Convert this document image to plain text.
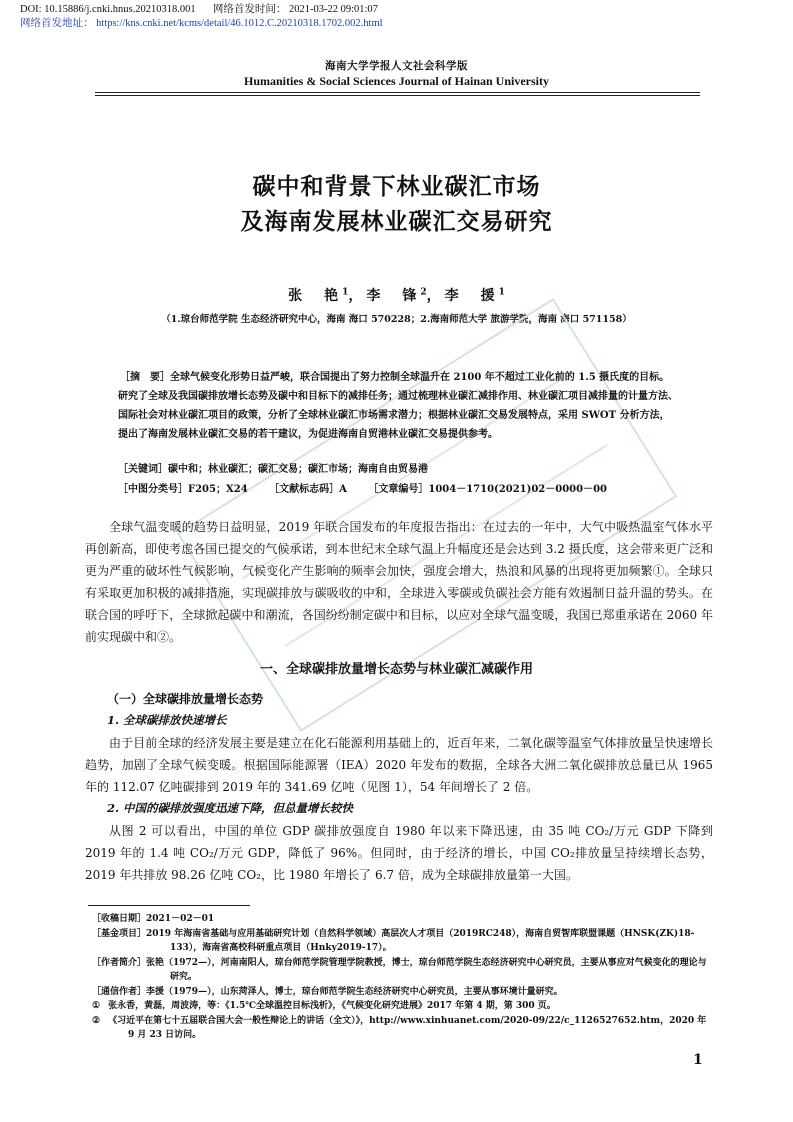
DOI: 10.15886/j.cnki.hnus.20210318.001 网络首发时间： 2021-03-22 09:01:07
网络首发地址： https://kns.cnki.net/kcms/detail/46.1012.C.20210318.1702.002.html
海南大学学报人文社会科学版
Humanities & Social Sciences Journal of Hainan University
碳中和背景下林业碳汇市场
及海南发展林业碳汇交易研究
张　艳$^1$，李　锋$^2$，李　援$^1$
（1.琼台师范学院 生态经济研究中心，海南 海口 570228；2.海南师范大学 旅游学院，海南 海口 571158）
［摘　要］全球气候变化形势日益严峻，联合国提出了努力控制全球温升在 2100 年不超过工业化前的 1.5 摄氏度的目标。研究了全球及我国碳排放增长态势及碳中和目标下的减排任务；通过梳理林业碳汇减排作用、林业碳汇项目减排量的计量方法、国际社会对林业碳汇项目的政策，分析了全球林业碳汇市场需求潜力；根据林业碳汇交易发展特点，采用 SWOT 分析方法，提出了海南发展林业碳汇交易的若干建议，为促进海南自贸港林业碳汇交易提供参考。
［关键词］碳中和；林业碳汇；碳汇交易；碳汇市场；海南自由贸易港
［中图分类号］F205；X24 ［文献标志码］A ［文章编号］1004－1710(2021)02－0000－00
全球气温变暖的趋势日益明显，2019 年联合国发布的年度报告指出：在过去的一年中，大气中吸热温室气体水平再创新高，即使考虑各国已提交的气候承诺，到本世纪末全球气温上升幅度还是会达到 3.2 摄氏度，这会带来更广泛和更为严重的破坏性气候影响，气候变化产生影响的频率会加快，强度会增大，热浪和风暴的出现将更加频繁①。全球只有采取更加积极的减排措施，实现碳排放与碳吸收的中和，全球进入零碳或负碳社会方能有效遏制日益升温的势头。在联合国的呼吁下，全球掀起碳中和潮流，各国纷纷制定碳中和目标，以应对全球气温变暖，我国已郑重承诺在 2060 年前实现碳中和②。
一、全球碳排放量增长态势与林业碳汇减碳作用
（一）全球碳排放量增长态势
1. 全球碳排放快速增长
由于目前全球的经济发展主要是建立在化石能源利用基础上的，近百年来，二氧化碳等温室气体排放量呈快速增长趋势，加剧了全球气候变暖。根据国际能源署（IEA）2020 年发布的数据，全球各大洲二氧化碳排放总量已从 1965 年的 112.07 亿吨碳排到 2019 年的 341.69 亿吨（见图 1），54 年间增长了 2 倍。
2. 中国的碳排放强度迅速下降，但总量增长较快
从图 2 可以看出，中国的单位 GDP 碳排放强度自 1980 年以来下降迅速，由 35 吨 CO₂/万元 GDP 下降到 2019 年的 1.4 吨 CO₂/万元 GDP，降低了 96%。但同时，由于经济的增长，中国 CO₂排放量呈持续增长态势，2019 年共排放 98.26 亿吨 CO₂，比 1980 年增长了 6.7 倍，成为全球碳排放量第一大国。
［收稿日期］2021－02－01
［基金项目］2019 年海南省基础与应用基础研究计划（自然科学领域）高层次人才项目（2019RC248），海南自贸智库联盟课题（HNSK(ZK)18-133），海南省高校科研重点项目（Hnky2019-17）。
［作者简介］张艳（1972—），河南南阳人，琼台师范学院管理学院教授，博士，琼台师范学院生态经济研究中心研究员，主要从事应对气候变化的理论与研究。
［通信作者］李援（1979—），山东菏泽人，博士，琼台师范学院生态经济研究中心研究员，主要从事环境计量研究。
① 张永香，黄磊，周波涛，等：《1.5℃全球温控目标浅析》，《气候变化研究进展》2017 年第 4 期，第 300 页。
② 《习近平在第七十五届联合国大会一般性辩论上的讲话（全文）》，http://www.xinhuanet.com/2020-09/22/c_1126527652.htm，2020 年 9 月 23 日访问。
1
